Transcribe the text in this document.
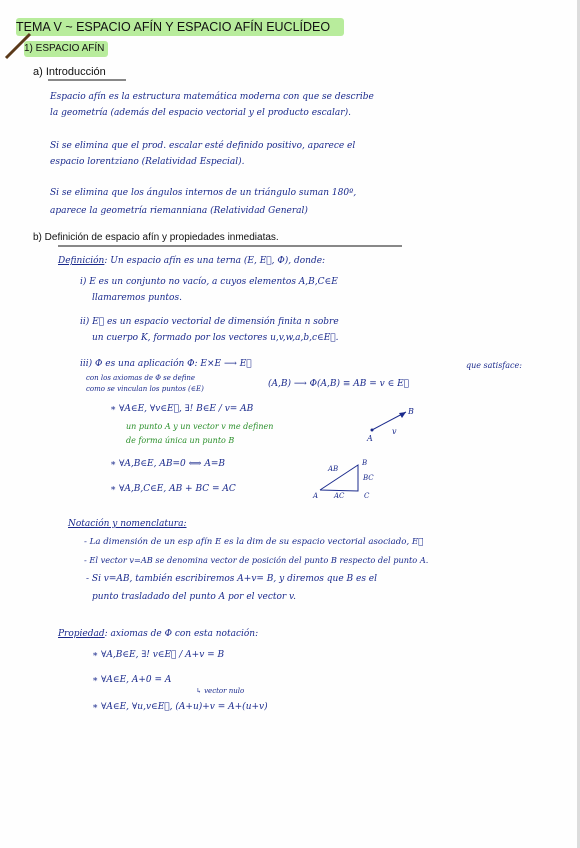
TEMA V ~ ESPACIO AFÍN Y ESPACIO AFÍN EUCLÍDEO
1) ESPACIO AFÍN
a) Introducción
Espacio afín es la estructura matemática moderna con que se describe
la geometría (además del espacio vectorial y el producto escalar).
Si se elimina que el prod. escalar esté definido positivo, aparece el
espacio lorentziano (Relatividad Especial).
Si se elimina que los ángulos internos de un triángulo suman 180º,
aparece la geometría riemanniana (Relatividad General)
b) Definición de espacio afín y propiedades inmediatas.
Definición: Un espacio afín es una terna (E, E⃗, Φ), donde:
i) E es un conjunto no vacío, a cuyos elementos A,B,C∈E
llamaremos puntos.
ii) E⃗ es un espacio vectorial de dimensión finita n sobre
un cuerpo K, formado por los vectores u,v,w,a,b,c∈E⃗.
iii) Φ es una aplicación Φ: E×E ⟶ E⃗	que satisface:
con los axiomas de Φ se define
como se vinculan los puntos (∈E)	(A,B) ⟶ Φ(A,B) ≡ AB = v ∈ E⃗
∗ ∀A∈E, ∀v∈E⃗, ∃! B∈E / v= AB
un punto A y un vector v me definen
de forma única un punto B
B
A
v
∗ ∀A,B∈E, AB=0 ⟺ A=B
∗ ∀A,B,C∈E, AB + BC = AC
AB
B
BC
A AC	C
Notación y nomenclatura:
- La dimensión de un esp afín E es la dim de su espacio vectorial asociado, E⃗
- El vector v=AB se denomina vector de posición del punto B respecto del punto A.
- Si v=AB, también escribiremos A+v= B, y diremos que B es el
punto trasladado del punto A por el vector v.
Propiedad: axiomas de Φ con esta notación:
∗ ∀A,B∈E, ∃! v∈E⃗ / A+v = B
∗ ∀A∈E, A+0 = A
↳ vector nulo
∗ ∀A∈E, ∀u,v∈E⃗, (A+u)+v = A+(u+v)
